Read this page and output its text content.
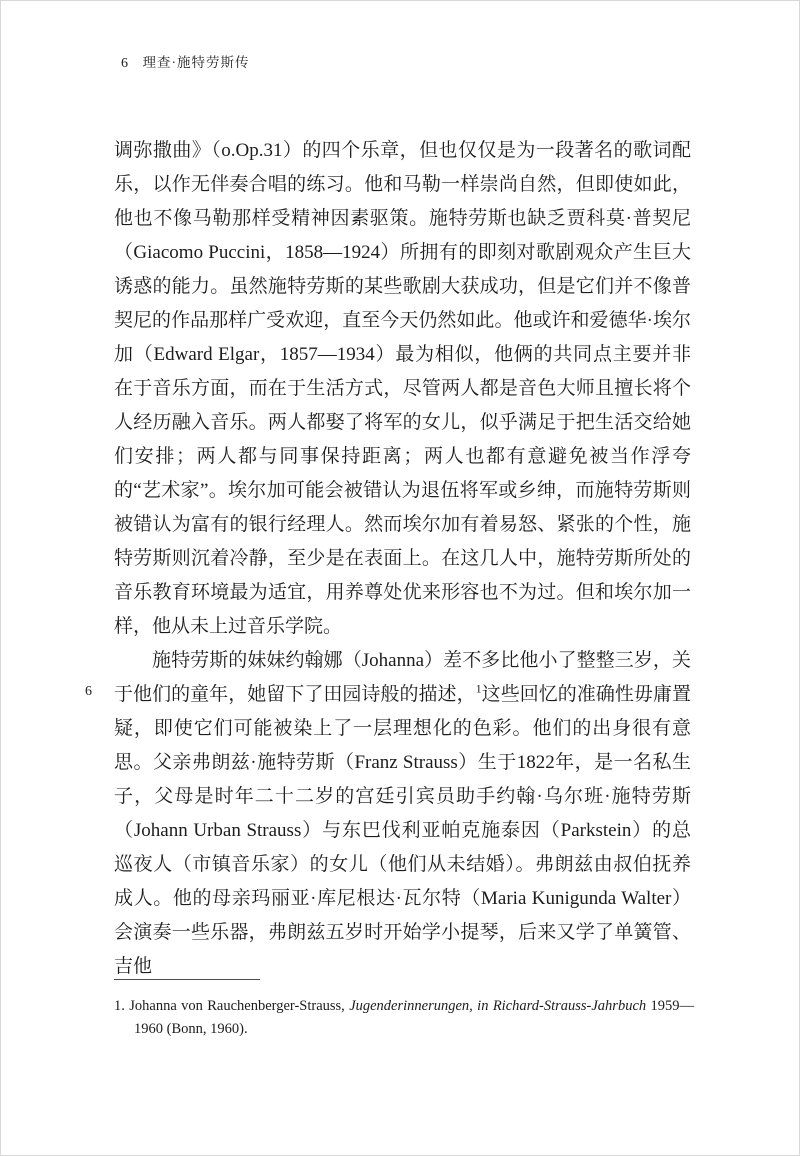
6 理查·施特劳斯传
6

调弥撒曲》（o.Op.31）的四个乐章，但也仅仅是为一段著名的歌词配乐，以作无伴奏合唱的练习。他和马勒一样崇尚自然，但即使如此，他也不像马勒那样受精神因素驱策。施特劳斯也缺乏贾科莫·普契尼（Giacomo Puccini，1858—1924）所拥有的即刻对歌剧观众产生巨大诱惑的能力。虽然施特劳斯的某些歌剧大获成功，但是它们并不像普契尼的作品那样广受欢迎，直至今天仍然如此。他或许和爱德华·埃尔加（Edward Elgar，1857—1934）最为相似，他俩的共同点主要并非在于音乐方面，而在于生活方式，尽管两人都是音色大师且擅长将个人经历融入音乐。两人都娶了将军的女儿，似乎满足于把生活交给她们安排；两人都与同事保持距离；两人也都有意避免被当作浮夸的“艺术家”。埃尔加可能会被错认为退伍将军或乡绅，而施特劳斯则被错认为富有的银行经理人。然而埃尔加有着易怒、紧张的个性，施特劳斯则沉着冷静，至少是在表面上。在这几人中，施特劳斯所处的音乐教育环境最为适宜，用养尊处优来形容也不为过。但和埃尔加一样，他从未上过音乐学院。

施特劳斯的妹妹约翰娜（Johanna）差不多比他小了整整三岁，关于他们的童年，她留下了田园诗般的描述，$^1$这些回忆的准确性毋庸置疑，即使它们可能被染上了一层理想化的色彩。他们的出身很有意思。父亲弗朗兹·施特劳斯（Franz Strauss）生于1822年，是一名私生子，父母是时年二十二岁的宫廷引宾员助手约翰·乌尔班·施特劳斯（Johann Urban Strauss）与东巴伐利亚帕克施泰因（Parkstein）的总巡夜人（市镇音乐家）的女儿（他们从未结婚）。弗朗兹由叔伯抚养成人。他的母亲玛丽亚·库尼根达·瓦尔特（Maria Kunigunda Walter）会演奏一些乐器，弗朗兹五岁时开始学小提琴，后来又学了单簧管、吉他

1. Johanna von Rauchenberger-Strauss, Jugenderinnerungen, in Richard-Strauss-Jahrbuch 1959—1960 (Bonn, 1960).
